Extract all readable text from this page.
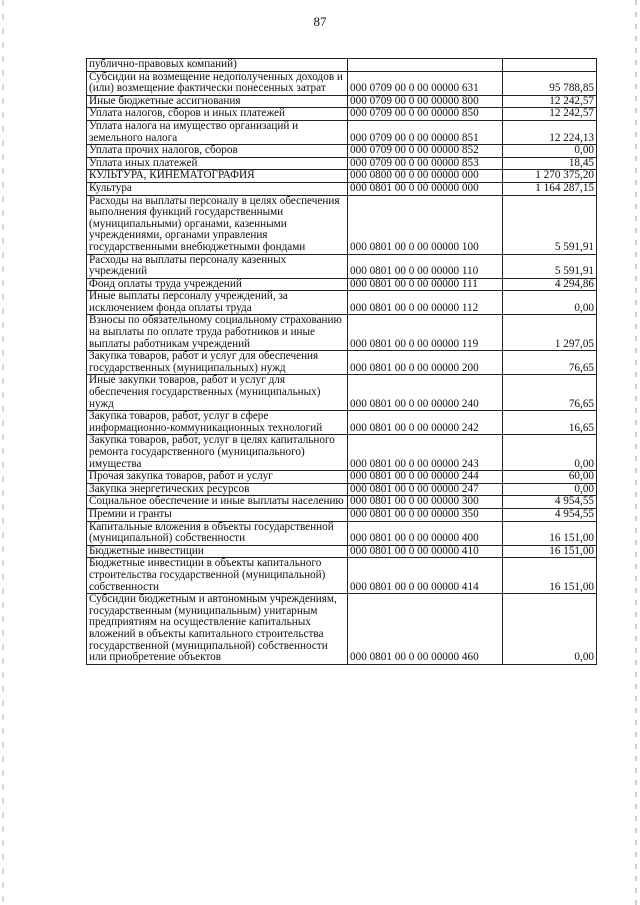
87
публично-правовых компаний)		
Субсидии на возмещение недополученных доходов и (или) возмещение фактически понесенных затрат	000 0709 00 0 00 00000 631	95 788,85
Иные бюджетные ассигнования	000 0709 00 0 00 00000 800	12 242,57
Уплата налогов, сборов и иных платежей	000 0709 00 0 00 00000 850	12 242,57
Уплата налога на имущество организаций и земельного налога	000 0709 00 0 00 00000 851	12 224,13
Уплата прочих налогов, сборов	000 0709 00 0 00 00000 852	0,00
Уплата иных платежей	000 0709 00 0 00 00000 853	18,45
КУЛЬТУРА, КИНЕМАТОГРАФИЯ	000 0800 00 0 00 00000 000	1 270 375,20
Культура	000 0801 00 0 00 00000 000	1 164 287,15
Расходы на выплаты персоналу в целях обеспечения выполнения функций государственными (муниципальными) органами, казенными учреждениями, органами управления государственными внебюджетными фондами	000 0801 00 0 00 00000 100	5 591,91
Расходы на выплаты персоналу казенных учреждений	000 0801 00 0 00 00000 110	5 591,91
Фонд оплаты труда учреждений	000 0801 00 0 00 00000 111	4 294,86
Иные выплаты персоналу учреждений, за исключением фонда оплаты труда	000 0801 00 0 00 00000 112	0,00
Взносы по обязательному социальному страхованию на выплаты по оплате труда работников и иные выплаты работникам учреждений	000 0801 00 0 00 00000 119	1 297,05
Закупка товаров, работ и услуг для обеспечения государственных (муниципальных) нужд	000 0801 00 0 00 00000 200	76,65
Иные закупки товаров, работ и услуг для обеспечения государственных (муниципальных) нужд	000 0801 00 0 00 00000 240	76,65
Закупка товаров, работ, услуг в сфере информационно-коммуникационных технологий	000 0801 00 0 00 00000 242	16,65
Закупка товаров, работ, услуг в целях капитального ремонта государственного (муниципального) имущества	000 0801 00 0 00 00000 243	0,00
Прочая закупка товаров, работ и услуг	000 0801 00 0 00 00000 244	60,00
Закупка энергетических ресурсов	000 0801 00 0 00 00000 247	0,00
Социальное обеспечение и иные выплаты населению	000 0801 00 0 00 00000 300	4 954,55
Премии и гранты	000 0801 00 0 00 00000 350	4 954,55
Капитальные вложения в объекты государственной (муниципальной) собственности	000 0801 00 0 00 00000 400	16 151,00
Бюджетные инвестиции	000 0801 00 0 00 00000 410	16 151,00
Бюджетные инвестиции в объекты капитального строительства государственной (муниципальной) собственности	000 0801 00 0 00 00000 414	16 151,00
Субсидии бюджетным и автономным учреждениям, государственным (муниципальным) унитарным предприятиям на осуществление капитальных вложений в объекты капитального строительства государственной (муниципальной) собственности или приобретение объектов	000 0801 00 0 00 00000 460	0,00
